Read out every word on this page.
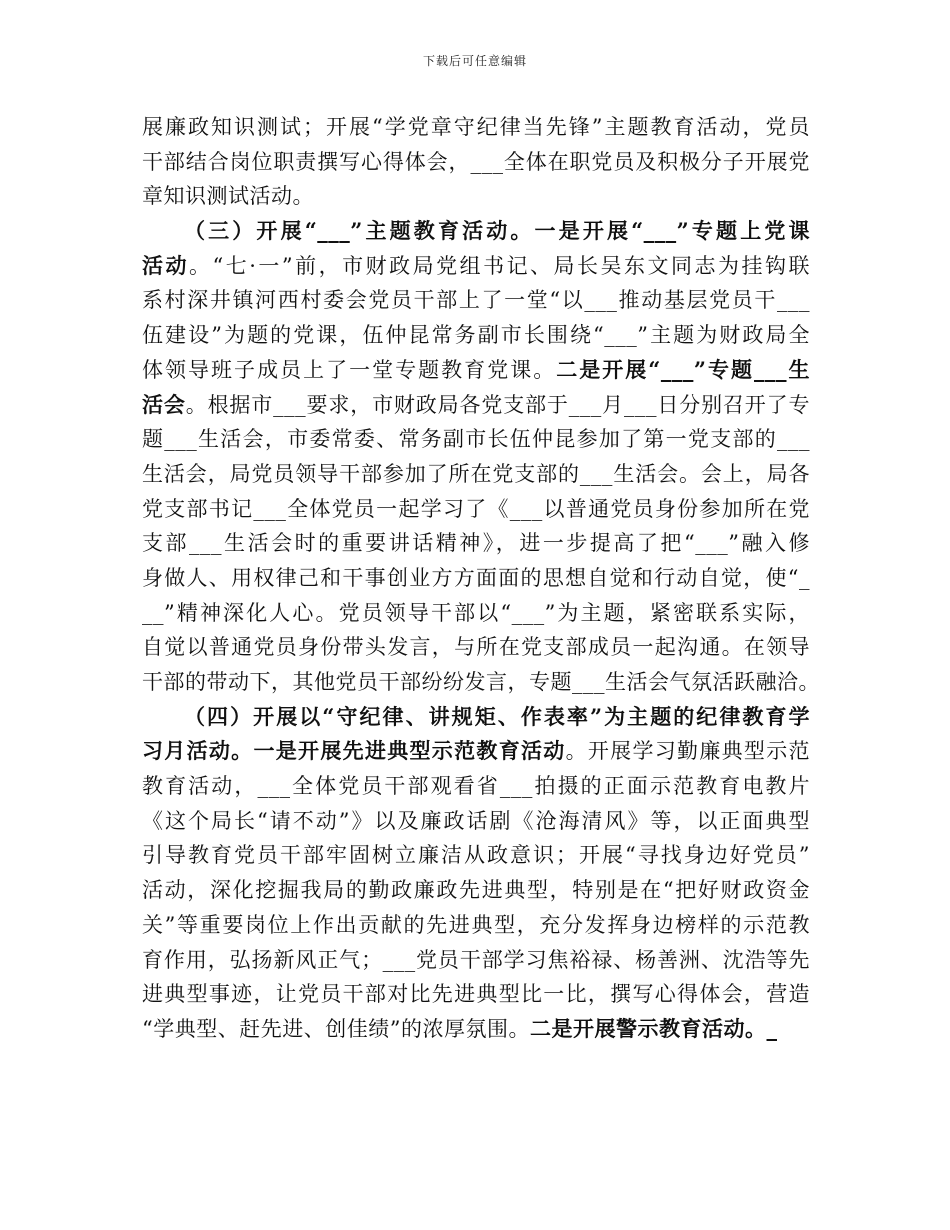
下载后可任意编辑
展廉政知识测试；开展“学党章守纪律当先锋”主题教育活动，党员
干部结合岗位职责撰写心得体会，___全体在职党员及积极分子开展党
章知识测试活动。
（三）开展“___”主题教育活动。一是开展“___”专题上党课
活动。“七·一”前，市财政局党组书记、局长吴东文同志为挂钩联
系村深井镇河西村委会党员干部上了一堂“以___推动基层党员干___
伍建设”为题的党课，伍仲昆常务副市长围绕“___”主题为财政局全
体领导班子成员上了一堂专题教育党课。二是开展“___”专题___生
活会。根据市___要求，市财政局各党支部于___月___日分别召开了专
题___生活会，市委常委、常务副市长伍仲昆参加了第一党支部的___
生活会，局党员领导干部参加了所在党支部的___生活会。会上，局各
党支部书记___全体党员一起学习了《___以普通党员身份参加所在党
支部___生活会时的重要讲话精神》，进一步提高了把“___”融入修
身做人、用权律己和干事创业方方面面的思想自觉和行动自觉，使“_
__”精神深化人心。党员领导干部以“___”为主题，紧密联系实际，
自觉以普通党员身份带头发言，与所在党支部成员一起沟通。在领导
干部的带动下，其他党员干部纷纷发言，专题___生活会气氛活跃融洽。
（四）开展以“守纪律、讲规矩、作表率”为主题的纪律教育学
习月活动。一是开展先进典型示范教育活动。开展学习勤廉典型示范
教育活动，___全体党员干部观看省___拍摄的正面示范教育电教片
《这个局长“请不动”》以及廉政话剧《沧海清风》等，以正面典型
引导教育党员干部牢固树立廉洁从政意识；开展“寻找身边好党员”
活动，深化挖掘我局的勤政廉政先进典型，特别是在“把好财政资金
关”等重要岗位上作出贡献的先进典型，充分发挥身边榜样的示范教
育作用，弘扬新风正气；___党员干部学习焦裕禄、杨善洲、沈浩等先
进典型事迹，让党员干部对比先进典型比一比，撰写心得体会，营造
“学典型、赶先进、创佳绩”的浓厚氛围。二是开展警示教育活动。_
